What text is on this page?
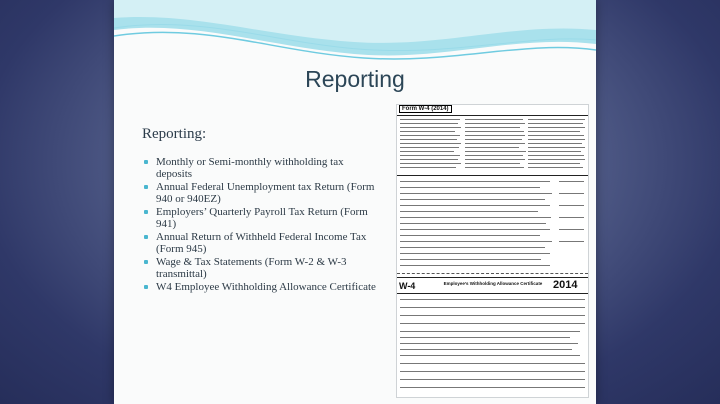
Reporting
Reporting:
Monthly or Semi-monthly withholding tax deposits
Annual Federal Unemployment tax Return (Form 940 or 940EZ)
Employers’ Quarterly Payroll Tax Return (Form 941)
Annual Return of Withheld Federal Income Tax (Form 945)
Wage & Tax Statements (Form W-2 & W-3 transmittal)
W4 Employee Withholding Allowance Certificate
Form W-4 (2014)
W-4	Employee’s Withholding Allowance Certificate 2014
